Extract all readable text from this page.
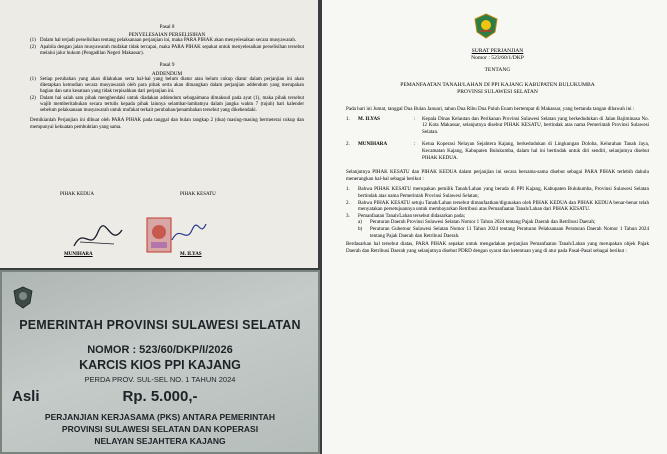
Pasal 8
PENYELESAIAN PERSELISIHAN
(1) Dalam hal terjadi perselisihan tentang pelaksanaan perjanjian ini, maka PARA PIHAK akan menyelesaikan secara musyawarah.
(2) Apabila dengan jalan musyawarah mufakat tidak tercapai, maka PARA PIHAK sepakat untuk menyelesaikan perselisihan tersebut melalui jalur hukum (Pengadilan Negeri Makassar).
Pasal 9
ADDENDUM
(1) Setiap perubahan yang akan dilakukan serta hal-hal yang belum diatur atau belum cukup diatur dalam perjanjian ini akan ditetapkan kemudian secara musyawarah oleh para pihak serta akan dituangkan dalam perjanjian addendum yang merupakan bagian dan satu kesatuan yang tidak terpisahkan dari perjanjian ini.
(2) Dalam hal salah satu pihak menghendaki untuk diadakan addendum sebagaimana dimaksud pada ayat (1), maka pihak tersebut wajib memberitahukan secara tertulis kepada pihak lainnya selambat-lambatnya dalam jangka waktu 7 (tujuh) hari kalender sebelum pelaksanaan musyawarah untuk mufakat terkait perubahan/penambahan tersebut yang dikehendaki.

Demikianlah Perjanjian ini dibuat oleh PARA PIHAK pada tanggal dan bulan rangkap 2 (dua) masing-masing bermeterai cukup dan mempunyai kekuatan pembuktian yang sama.

PIHAK KEDUA	PIHAK KESATU
MUNIHARA	M. ILYAS
SURAT PERJANJIAN
Nomor : 523/60/1/DKP
TENTANG
PEMANFAATAN TANAH/LAHAN DI PPI KAJANG KABUPATEN BULUKUMBA
PROVINSI SULAWESI SELATAN
Pada hari ini Jumat, tanggal Dua Bulan Januari, tahun Dua Ribu Dua Puluh Enam bertempat di Makassar, yang bertanda tangan dibawah ini :
1.	M. ILYAS	:	Kepala Dinas Kelautan dan Perikanan Provinsi Sulawesi Selatan yang berkedudukan di Jalan Bajiminasa No. 12 Kota Makassar, selanjutnya disebut PIHAK KESATU, bertindak atas nama Pemerintah Provinsi Sulawesi Selatan.
2.	MUNIHARA	:	Ketua Koperasi Nelayan Sejahtera Kajang, berkedudukan di Lingkungan Doloba, Kelurahan Tanah Jaya, Kecamatan Kajang, Kabupaten Bulukumba, dalam hal ini bertindak untuk diri sendiri, selanjutnya disebut PIHAK KEDUA.
Selanjutnya PIHAK KESATU dan PIHAK KEDUA dalam perjanjian ini secara bersama-sama disebut sebagai PARA PIHAK terlebih dahulu menerangkan hal-hal sebagai berikut :
1.	Bahwa PIHAK KESATU merupakan pemilik Tanah/Lahan yang berada di PPI Kajang, Kabupaten Bulukumba, Provinsi Sulawesi Selatan bertindak atas nama Pemerintah Provinsi Sulawesi Selatan;
2.	Bahwa PIHAK KESATU setuju Tanah/Lahan tersebut dimanfaatkan/digunakan oleh PIHAK KEDUA dan PIHAK KEDUA benar-benar telah menyatakan persetujuannya untuk membayarkan Retribusi atas Pemanfaatan Tanah/Lahan dari PIHAK KESATU.
3.	Pemanfaatan Tanah/Lahan tersebut didasarkan pada;
a)	Peraturan Daerah Provinsi Sulawesi Selatan Nomor 1 Tahun 2024 tentang Pajak Daerah dan Retribusi Daerah;
b)	Peraturan Gubernur Sulawesi Selatan Nomor 11 Tahun 2024 tentang Peraturan Pelaksanaan Peraturan Daerah Nomor 1 Tahun 2024 tentang Pajak Daerah dan Retribusi Daerah.
Berdasarkan hal tersebut diatas, PARA PIHAK sepakat untuk mengadakan perjanjian Pemanfaatan Tanah/Lahan yang merupakan objek Pajak Daerah dan Retribusi Daerah yang selanjutnya disebut PDRD dengan syarat dan ketentuan yang di atur pada Pasal-Pasal sebagai berikut :
PEMERINTAH PROVINSI SULAWESI SELATAN
NOMOR : 523/60/DKP/I/2026
KARCIS KIOS PPI KAJANG
PERDA PROV. SUL-SEL NO. 1 TAHUN 2024
Asli	Rp. 5.000,-
PERJANJIAN KERJASAMA (PKS) ANTARA PEMERINTAH
PROVINSI SULAWESI SELATAN DAN KOPERASI
NELAYAN SEJAHTERA KAJANG
